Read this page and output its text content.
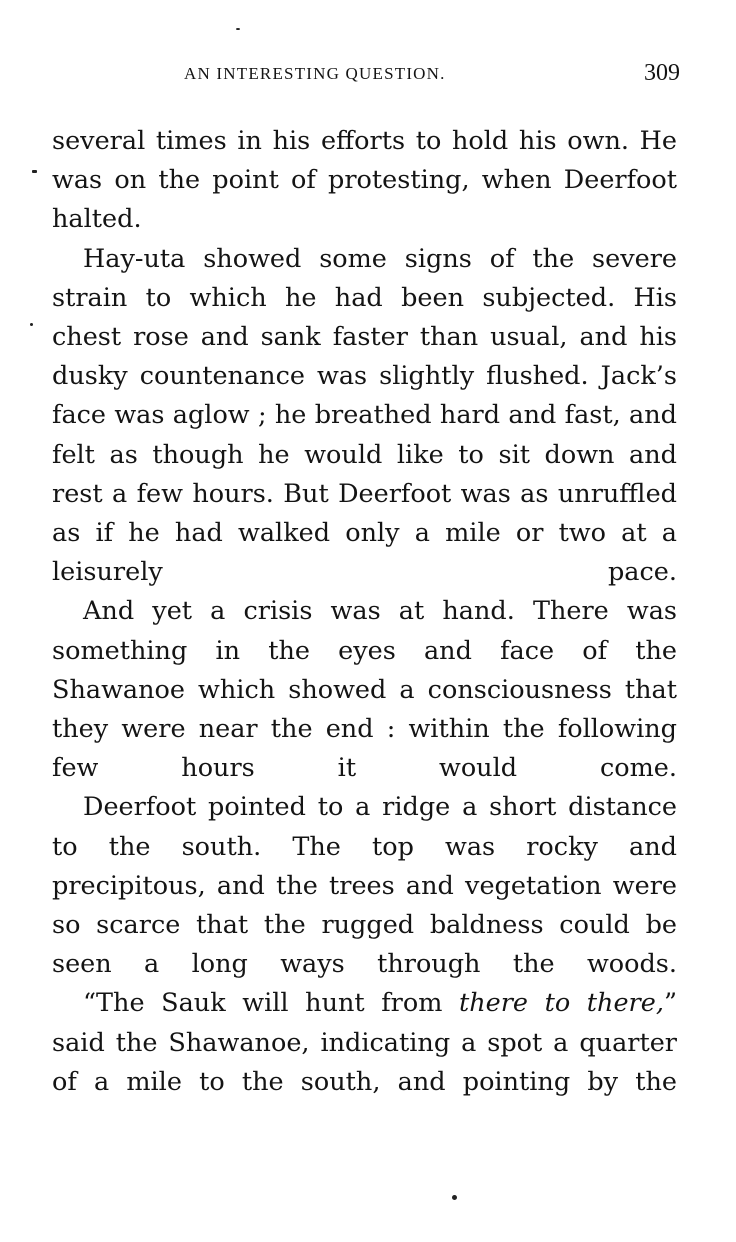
AN INTERESTING QUESTION.	309

several times in his efforts to hold his own. He was on the point of protesting, when Deerfoot halted.

Hay-uta showed some signs of the severe strain to which he had been subjected. His chest rose and sank faster than usual, and his dusky countenance was slightly flushed. Jack’s face was aglow ; he breathed hard and fast, and felt as though he would like to sit down and rest a few hours. But Deerfoot was as unruffled as if he had walked only a mile or two at a leisurely pace.

And yet a crisis was at hand. There was something in the eyes and face of the Shawanoe which showed a consciousness that they were near the end : within the following few hours it would come.

Deerfoot pointed to a ridge a short distance to the south. The top was rocky and precipitous, and the trees and vegetation were so scarce that the rugged baldness could be seen a long ways through the woods.

“The Sauk will hunt from there to there,” said the Shawanoe, indicating a spot a quarter of a mile to the south, and pointing by the
